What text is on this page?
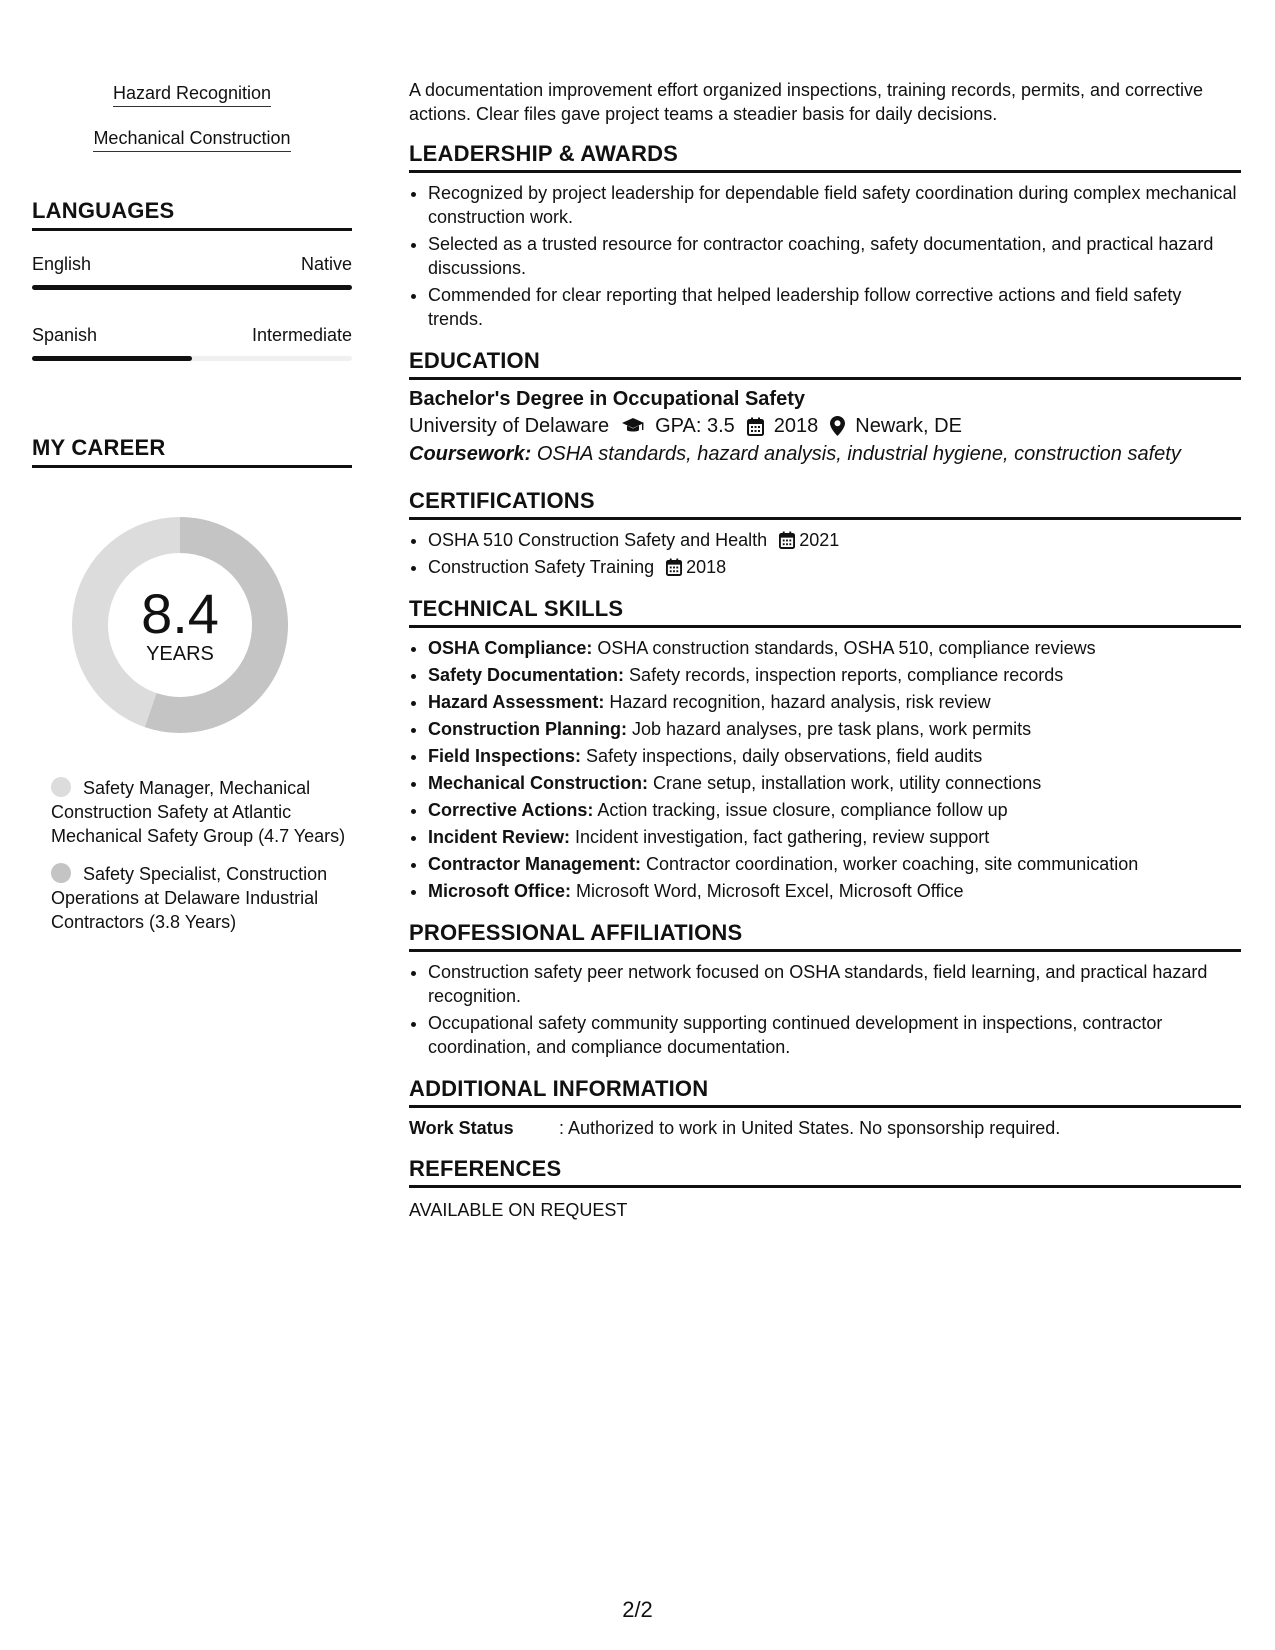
Hazard Recognition
Mechanical Construction
LANGUAGES
English	Native
Spanish	Intermediate
MY CAREER
8.4
YEARS
Safety Manager, Mechanical Construction Safety at Atlantic Mechanical Safety Group (4.7 Years)
Safety Specialist, Construction Operations at Delaware Industrial Contractors (3.8 Years)

A documentation improvement effort organized inspections, training records, permits, and corrective actions. Clear files gave project teams a steadier basis for daily decisions.

LEADERSHIP & AWARDS
• Recognized by project leadership for dependable field safety coordination during complex mechanical construction work.
• Selected as a trusted resource for contractor coaching, safety documentation, and practical hazard discussions.
• Commended for clear reporting that helped leadership follow corrective actions and field safety trends.
EDUCATION
Bachelor's Degree in Occupational Safety
University of Delaware GPA: 3.5 2018 Newark, DE
Coursework: OSHA standards, hazard analysis, industrial hygiene, construction safety
CERTIFICATIONS
• OSHA 510 Construction Safety and Health 2021
• Construction Safety Training 2018
TECHNICAL SKILLS
• OSHA Compliance: OSHA construction standards, OSHA 510, compliance reviews
• Safety Documentation: Safety records, inspection reports, compliance records
• Hazard Assessment: Hazard recognition, hazard analysis, risk review
• Construction Planning: Job hazard analyses, pre task plans, work permits
• Field Inspections: Safety inspections, daily observations, field audits
• Mechanical Construction: Crane setup, installation work, utility connections
• Corrective Actions: Action tracking, issue closure, compliance follow up
• Incident Review: Incident investigation, fact gathering, review support
• Contractor Management: Contractor coordination, worker coaching, site communication
• Microsoft Office: Microsoft Word, Microsoft Excel, Microsoft Office
PROFESSIONAL AFFILIATIONS
• Construction safety peer network focused on OSHA standards, field learning, and practical hazard recognition.
• Occupational safety community supporting continued development in inspections, contractor coordination, and compliance documentation.
ADDITIONAL INFORMATION
Work Status	: Authorized to work in United States. No sponsorship required.
REFERENCES
AVAILABLE ON REQUEST
2/2
